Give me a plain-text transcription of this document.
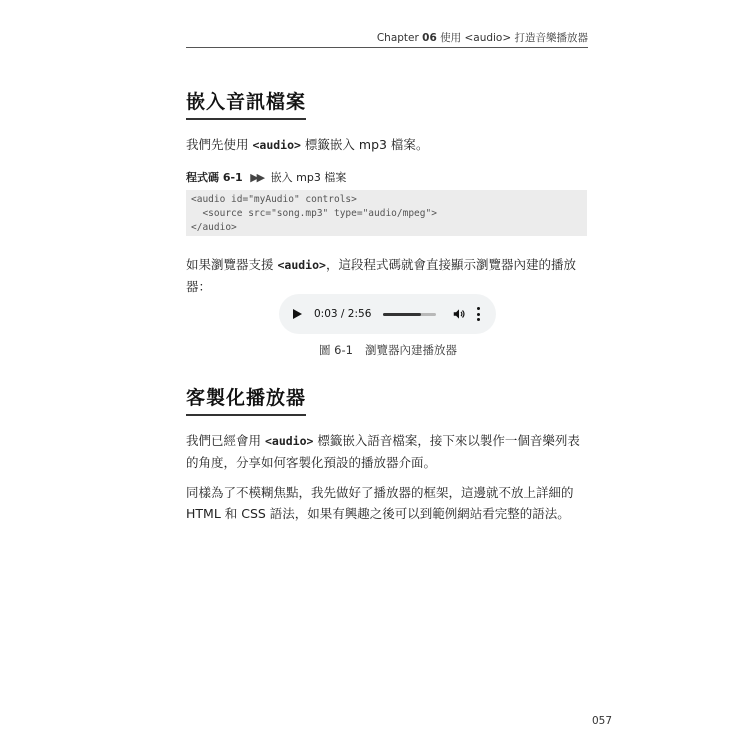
Chapter 06 使用 <audio> 打造音樂播放器
嵌入音訊檔案
我們先使用 <audio> 標籤嵌入 mp3 檔案。
程式碼 6-1 ▶▶ 嵌入 mp3 檔案
<audio id="myAudio" controls>
<source src="song.mp3" type="audio/mpeg">
</audio>
如果瀏覽器支援 <audio>，這段程式碼就會直接顯示瀏覽器內建的播放器：
0:03 / 2:56
圖 6-1 瀏覽器內建播放器
客製化播放器
我們已經會用 <audio> 標籤嵌入語音檔案，接下來以製作一個音樂列表的角度，分享如何客製化預設的播放器介面。
同樣為了不模糊焦點，我先做好了播放器的框架，這邊就不放上詳細的 HTML 和 CSS 語法，如果有興趣之後可以到範例網站看完整的語法。
057
